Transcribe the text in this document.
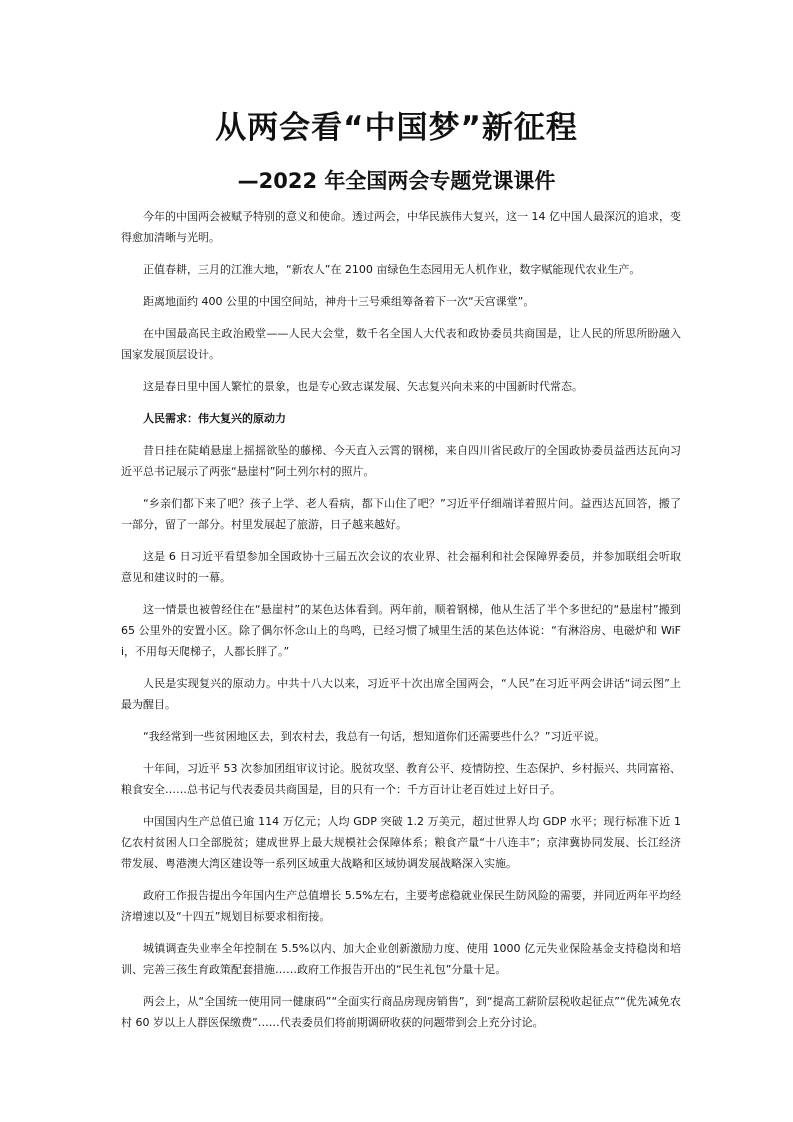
从两会看“中国梦”新征程
—2022 年全国两会专题党课课件

今年的中国两会被赋予特别的意义和使命。透过两会，中华民族伟大复兴，这一 14 亿中国人最深沉的追求，变得愈加清晰与光明。

正值春耕，三月的江淮大地，“新农人”在 2100 亩绿色生态园用无人机作业，数字赋能现代农业生产。

距离地面约 400 公里的中国空间站，神舟十三号乘组筹备着下一次“天宫课堂”。

在中国最高民主政治殿堂——人民大会堂，数千名全国人大代表和政协委员共商国是，让人民的所思所盼融入国家发展顶层设计。

这是春日里中国人繁忙的景象，也是专心致志谋发展、矢志复兴向未来的中国新时代常态。

人民需求：伟大复兴的原动力

昔日挂在陡峭悬崖上摇摇欲坠的藤梯、今天直入云霄的钢梯，来自四川省民政厅的全国政协委员益西达瓦向习近平总书记展示了两张“悬崖村”阿土列尔村的照片。

“乡亲们都下来了吧？孩子上学、老人看病，都下山住了吧？”习近平仔细端详着照片问。益西达瓦回答，搬了一部分，留了一部分。村里发展起了旅游，日子越来越好。

这是 6 日习近平看望参加全国政协十三届五次会议的农业界、社会福利和社会保障界委员，并参加联组会听取意见和建议时的一幕。

这一情景也被曾经住在“悬崖村”的某色达体看到。两年前，顺着钢梯，他从生活了半个多世纪的“悬崖村”搬到 65 公里外的安置小区。除了偶尔怀念山上的鸟鸣，已经习惯了城里生活的某色达体说：“有淋浴房、电磁炉和 WiFi，不用每天爬梯子，人都长胖了。”

人民是实现复兴的原动力。中共十八大以来，习近平十次出席全国两会，“人民”在习近平两会讲话“词云图”上最为醒目。

“我经常到一些贫困地区去，到农村去，我总有一句话，想知道你们还需要些什么？”习近平说。

十年间，习近平 53 次参加团组审议讨论。脱贫攻坚、教育公平、疫情防控、生态保护、乡村振兴、共同富裕、粮食安全……总书记与代表委员共商国是，目的只有一个：千方百计让老百姓过上好日子。

中国国内生产总值已逾 114 万亿元；人均 GDP 突破 1.2 万美元，超过世界人均 GDP 水平；现行标准下近 1 亿农村贫困人口全部脱贫；建成世界上最大规模社会保障体系；粮食产量“十八连丰”；京津冀协同发展、长江经济带发展、粤港澳大湾区建设等一系列区域重大战略和区域协调发展战略深入实施。

政府工作报告提出今年国内生产总值增长 5.5%左右，主要考虑稳就业保民生防风险的需要，并同近两年平均经济增速以及“十四五”规划目标要求相衔接。

城镇调查失业率全年控制在 5.5%以内、加大企业创新激励力度、使用 1000 亿元失业保险基金支持稳岗和培训、完善三孩生育政策配套措施……政府工作报告开出的“民生礼包”分量十足。

两会上，从“全国统一使用同一健康码”“全面实行商品房现房销售”，到“提高工薪阶层税收起征点”“优先减免农村 60 岁以上人群医保缴费”……代表委员们将前期调研收获的问题带到会上充分讨论。
